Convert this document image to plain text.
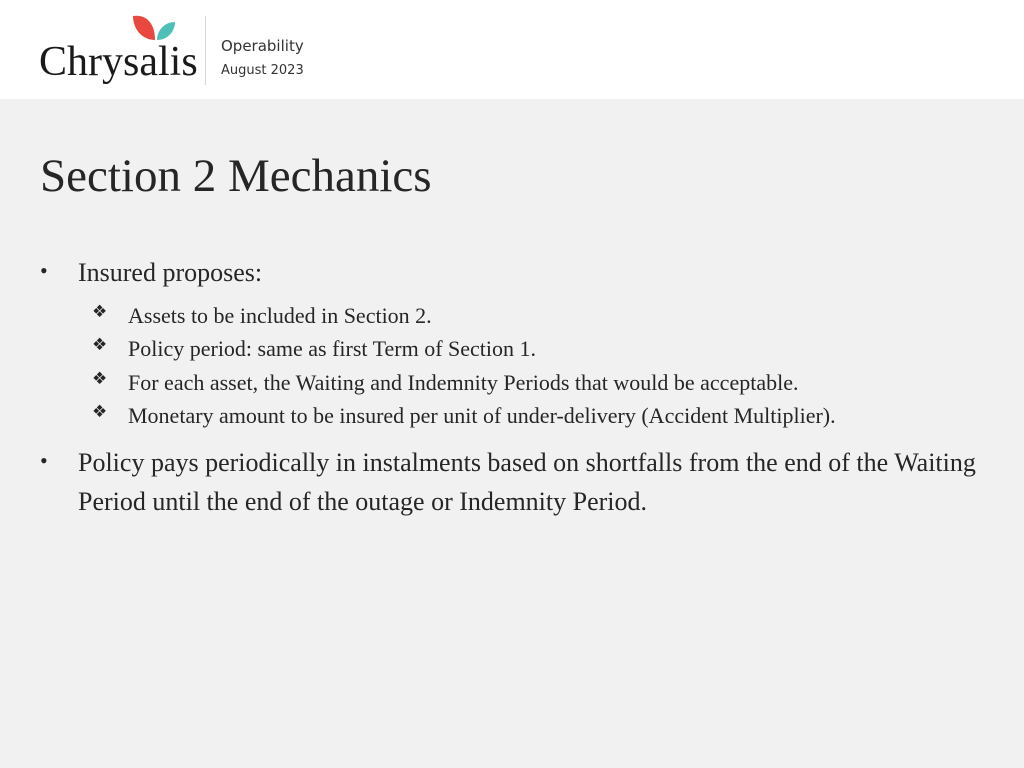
Chrysalis Operability
August 2023
Section 2 Mechanics
• Insured proposes:
❖ Assets to be included in Section 2.
❖ Policy period: same as first Term of Section 1.
❖ For each asset, the Waiting and Indemnity Periods that would be acceptable.
❖ Monetary amount to be insured per unit of under-delivery (Accident Multiplier).
• Policy pays periodically in instalments based on shortfalls from the end of the Waiting Period until the end of the outage or Indemnity Period.
